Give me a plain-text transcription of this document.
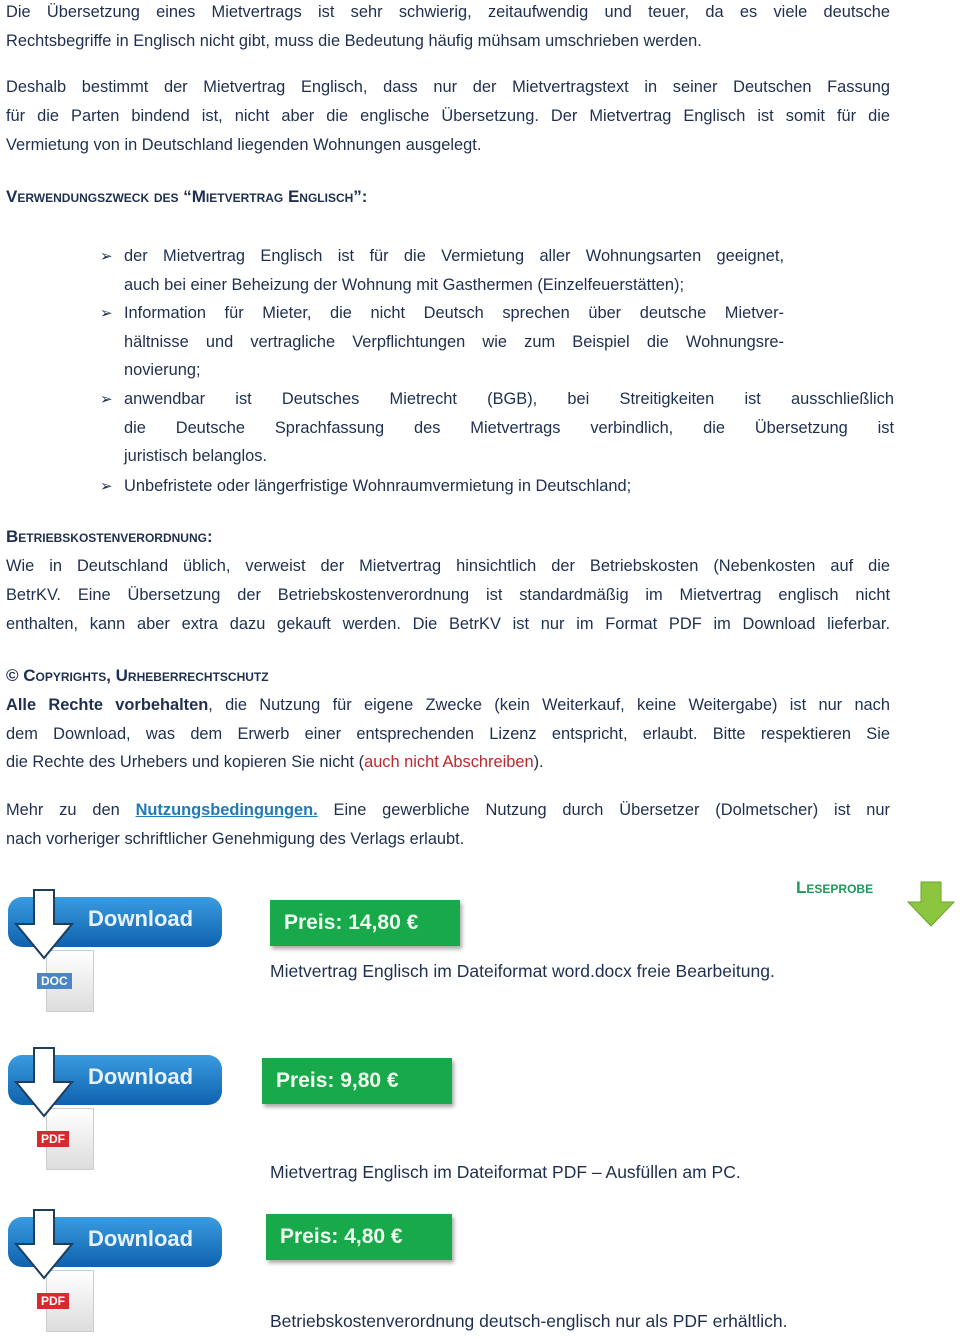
Die Übersetzung eines Mietvertrags ist sehr schwierig, zeitaufwendig und teuer, da es viele deutsche
Rechtsbegriffe in Englisch nicht gibt, muss die Bedeutung häufig mühsam umschrieben werden.
Deshalb bestimmt der Mietvertrag Englisch, dass nur der Mietvertragstext in seiner Deutschen Fassung
für die Parten bindend ist, nicht aber die englische Übersetzung. Der Mietvertrag Englisch ist somit für die
Vermietung von in Deutschland liegenden Wohnungen ausgelegt.
Wie in Deutschland üblich, verweist der Mietvertrag hinsichtlich der Betriebskosten (Nebenkosten auf die
BetrKV. Eine Übersetzung der Betriebskostenverordnung ist standardmäßig im Mietvertrag englisch nicht
enthalten, kann aber extra dazu gekauft werden. Die BetrKV ist nur im Format PDF im Download lieferbar.
➢ der Mietvertrag Englisch ist für die Vermietung aller Wohnungsarten geeignet,
auch bei einer Beheizung der Wohnung mit Gasthermen (Einzelfeuerstätten);
➢ Information für Mieter, die nicht Deutsch sprechen über deutsche Mietver-
hältnisse und vertragliche Verpflichtungen wie zum Beispiel die Wohnungsre-
novierung;
➢ anwendbar ist Deutsches Mietrecht (BGB), bei Streitigkeiten ist ausschließlich
die Deutsche Sprachfassung des Mietvertrags verbindlich, die Übersetzung ist
juristisch belanglos.
➢ Unbefristete oder längerfristige Wohnraumvermietung in Deutschland;
Verwendungszweck des “Mietvertrag Englisch”:
Betriebskostenverordnung:
© Copyrights, Urheberrechtschutz
Alle Rechte vorbehalten, die Nutzung für eigene Zwecke (kein Weiterkauf, keine Weitergabe) ist nur nach
dem Download, was dem Erwerb einer entsprechenden Lizenz entspricht, erlaubt. Bitte respektieren Sie
die Rechte des Urhebers und kopieren Sie nicht (auch nicht Abschreiben).
Mehr zu den Nutzungsbedingungen. Eine gewerbliche Nutzung durch Übersetzer (Dolmetscher) ist nur
nach vorheriger schriftlicher Genehmigung des Verlags erlaubt.
Leseprobe
Download
DOC
Preis: 14,80 €
Mietvertrag Englisch im Dateiformat word.docx freie Bearbeitung.
Download
PDF
Preis: 9,80 €
Mietvertrag Englisch im Dateiformat PDF – Ausfüllen am PC.
Download
PDF
Preis: 4,80 €
Betriebskostenverordnung deutsch-englisch nur als PDF erhältlich.
